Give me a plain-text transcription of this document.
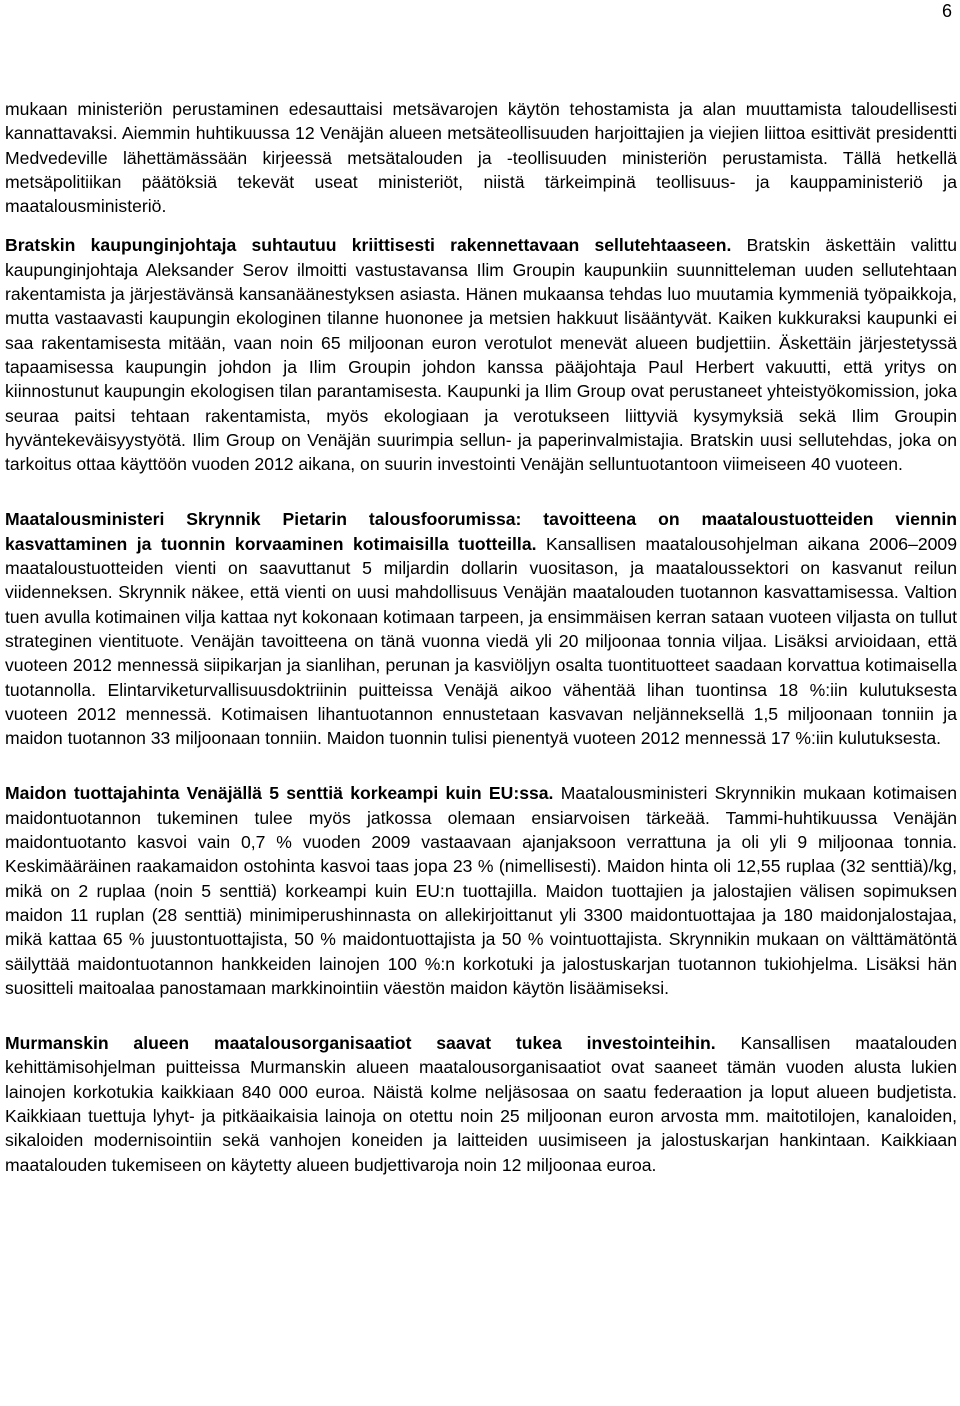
6

mukaan ministeriön perustaminen edesauttaisi metsävarojen käytön tehostamista ja alan muuttamista taloudellisesti kannattavaksi. Aiemmin huhtikuussa 12 Venäjän alueen metsäteollisuuden harjoittajien ja viejien liittoa esittivät presidentti Medvedeville lähettämässään kirjeessä metsätalouden ja -teollisuuden ministeriön perustamista. Tällä hetkellä metsäpolitiikan päätöksiä tekevät useat ministeriöt, niistä tärkeimpinä teollisuus- ja kauppaministeriö ja maatalousministeriö.

Bratskin kaupunginjohtaja suhtautuu kriittisesti rakennettavaan sellutehtaaseen. Bratskin äskettäin valittu kaupunginjohtaja Aleksander Serov ilmoitti vastustavansa Ilim Groupin kaupunkiin suunnitteleman uuden sellutehtaan rakentamista ja järjestävänsä kansanäänestyksen asiasta. Hänen mukaansa tehdas luo muutamia kymmeniä työpaikkoja, mutta vastaavasti kaupungin ekologinen tilanne huononee ja metsien hakkuut lisääntyvät. Kaiken kukkuraksi kaupunki ei saa rakentamisesta mitään, vaan noin 65 miljoonan euron verotulot menevät alueen budjettiin. Äskettäin järjestetyssä tapaamisessa kaupungin johdon ja Ilim Groupin johdon kanssa pääjohtaja Paul Herbert vakuutti, että yritys on kiinnostunut kaupungin ekologisen tilan parantamisesta. Kaupunki ja Ilim Group ovat perustaneet yhteistyökomission, joka seuraa paitsi tehtaan rakentamista, myös ekologiaan ja verotukseen liittyviä kysymyksiä sekä Ilim Groupin hyväntekeväisyystyötä. Ilim Group on Venäjän suurimpia sellun- ja paperinvalmistajia. Bratskin uusi sellutehdas, joka on tarkoitus ottaa käyttöön vuoden 2012 aikana, on suurin investointi Venäjän selluntuotantoon viimeiseen 40 vuoteen.

Maatalousministeri Skrynnik Pietarin talousfoorumissa: tavoitteena on maataloustuotteiden viennin kasvattaminen ja tuonnin korvaaminen kotimaisilla tuotteilla. Kansallisen maatalousohjelman aikana 2006–2009 maataloustuotteiden vienti on saavuttanut 5 miljardin dollarin vuositason, ja maataloussektori on kasvanut reilun viidenneksen. Skrynnik näkee, että vienti on uusi mahdollisuus Venäjän maatalouden tuotannon kasvattamisessa. Valtion tuen avulla kotimainen vilja kattaa nyt kokonaan kotimaan tarpeen, ja ensimmäisen kerran sataan vuoteen viljasta on tullut strateginen vientituote. Venäjän tavoitteena on tänä vuonna viedä yli 20 miljoonaa tonnia viljaa. Lisäksi arvioidaan, että vuoteen 2012 mennessä siipikarjan ja sianlihan, perunan ja kasviöljyn osalta tuontituotteet saadaan korvattua kotimaisella tuotannolla. Elintarviketurvallisuusdoktriinin puitteissa Venäjä aikoo vähentää lihan tuontinsa 18 %:iin kulutuksesta vuoteen 2012 mennessä. Kotimaisen lihantuotannon ennustetaan kasvavan neljänneksellä 1,5 miljoonaan tonniin ja maidon tuotannon 33 miljoonaan tonniin. Maidon tuonnin tulisi pienentyä vuoteen 2012 mennessä 17 %:iin kulutuksesta.

Maidon tuottajahinta Venäjällä 5 senttiä korkeampi kuin EU:ssa. Maatalousministeri Skrynnikin mukaan kotimaisen maidontuotannon tukeminen tulee myös jatkossa olemaan ensiarvoisen tärkeää. Tammi-huhtikuussa Venäjän maidontuotanto kasvoi vain 0,7 % vuoden 2009 vastaavaan ajanjaksoon verrattuna ja oli yli 9 miljoonaa tonnia. Keskimääräinen raakamaidon ostohinta kasvoi taas jopa 23 % (nimellisesti). Maidon hinta oli 12,55 ruplaa (32 senttiä)/kg, mikä on 2 ruplaa (noin 5 senttiä) korkeampi kuin EU:n tuottajilla. Maidon tuottajien ja jalostajien välisen sopimuksen maidon 11 ruplan (28 senttiä) minimiperushinnasta on allekirjoittanut yli 3300 maidontuottajaa ja 180 maidonjalostajaa, mikä kattaa 65 % juustontuottajista, 50 % maidontuottajista ja 50 % vointuottajista. Skrynnikin mukaan on välttämätöntä säilyttää maidontuotannon hankkeiden lainojen 100 %:n korkotuki ja jalostuskarjan tuotannon tukiohjelma. Lisäksi hän suositteli maitoalaa panostamaan markkinointiin väestön maidon käytön lisäämiseksi.

Murmanskin alueen maatalousorganisaatiot saavat tukea investointeihin. Kansallisen maatalouden kehittämisohjelman puitteissa Murmanskin alueen maatalousorganisaatiot ovat saaneet tämän vuoden alusta lukien lainojen korkotukia kaikkiaan 840 000 euroa. Näistä kolme neljäsosaa on saatu federaation ja loput alueen budjetista. Kaikkiaan tuettuja lyhyt- ja pitkäaikaisia lainoja on otettu noin 25 miljoonan euron arvosta mm. maitotilojen, kanaloiden, sikaloiden modernisointiin sekä vanhojen koneiden ja laitteiden uusimiseen ja jalostuskarjan hankintaan. Kaikkiaan maatalouden tukemiseen on käytetty alueen budjettivaroja noin 12 miljoonaa euroa.
